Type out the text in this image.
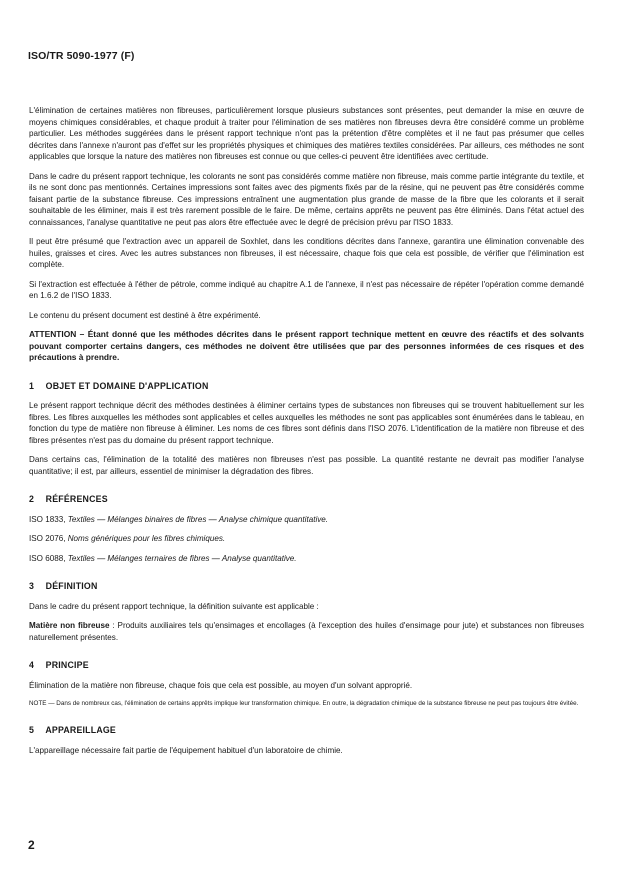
ISO/TR 5090-1977 (F)

L'élimination de certaines matières non fibreuses, particulièrement lorsque plusieurs substances sont présentes, peut demander la mise en œuvre de moyens chimiques considérables, et chaque produit à traiter pour l'élimination de ses matières non fibreuses devra être considéré comme un problème particulier. Les méthodes suggérées dans le présent rapport technique n'ont pas la prétention d'être complètes et il ne faut pas présumer que celles décrites dans l'annexe n'auront pas d'effet sur les propriétés physiques et chimiques des matières textiles considérées. Par ailleurs, ces méthodes ne sont applicables que lorsque la nature des matières non fibreuses est connue ou que celles-ci peuvent être identifiées avec certitude.

Dans le cadre du présent rapport technique, les colorants ne sont pas considérés comme matière non fibreuse, mais comme partie intégrante du textile, et ils ne sont donc pas mentionnés. Certaines impressions sont faites avec des pigments fixés par de la résine, qui ne peuvent pas être considérés comme faisant partie de la substance fibreuse. Ces impressions entraînent une augmentation plus grande de masse de la fibre que les colorants et il serait souhaitable de les éliminer, mais il est très rarement possible de le faire. De même, certains apprêts ne peuvent pas être éliminés. Dans l'état actuel des connaissances, l'analyse quantitative ne peut pas alors être effectuée avec le degré de précision prévu par l'ISO 1833.

Il peut être présumé que l'extraction avec un appareil de Soxhlet, dans les conditions décrites dans l'annexe, garantira une élimination convenable des huiles, graisses et cires. Avec les autres substances non fibreuses, il est nécessaire, chaque fois que cela est possible, de vérifier que l'élimination est complète.

Si l'extraction est effectuée à l'éther de pétrole, comme indiqué au chapitre A.1 de l'annexe, il n'est pas nécessaire de répéter l'opération comme demandé en 1.6.2 de l'ISO 1833.

Le contenu du présent document est destiné à être expérimenté.

ATTENTION – Étant donné que les méthodes décrites dans le présent rapport technique mettent en œuvre des réactifs et des solvants pouvant comporter certains dangers, ces méthodes ne doivent être utilisées que par des personnes informées de ces risques et des précautions à prendre.

1 OBJET ET DOMAINE D'APPLICATION

Le présent rapport technique décrit des méthodes destinées à éliminer certains types de substances non fibreuses qui se trouvent habituellement sur les fibres. Les fibres auxquelles les méthodes sont applicables et celles auxquelles les méthodes ne sont pas applicables sont énumérées dans le tableau, en fonction du type de matière non fibreuse à éliminer. Les noms de ces fibres sont définis dans l'ISO 2076. L'identification de la matière non fibreuse et des fibres présentes n'est pas du domaine du présent rapport technique.

Dans certains cas, l'élimination de la totalité des matières non fibreuses n'est pas possible. La quantité restante ne devrait pas modifier l'analyse quantitative; il est, par ailleurs, essentiel de minimiser la dégradation des fibres.

2 RÉFÉRENCES

ISO 1833, Textiles — Mélanges binaires de fibres — Analyse chimique quantitative.

ISO 2076, Noms génériques pour les fibres chimiques.

ISO 6088, Textiles — Mélanges ternaires de fibres — Analyse quantitative.

3 DÉFINITION

Dans le cadre du présent rapport technique, la définition suivante est applicable :

Matière non fibreuse : Produits auxiliaires tels qu'ensimages et encollages (à l'exception des huiles d'ensimage pour jute) et substances non fibreuses naturellement présentes.

4 PRINCIPE

Élimination de la matière non fibreuse, chaque fois que cela est possible, au moyen d'un solvant approprié.

NOTE — Dans de nombreux cas, l'élimination de certains apprêts implique leur transformation chimique. En outre, la dégradation chimique de la substance fibreuse ne peut pas toujours être évitée.

5 APPAREILLAGE

L'appareillage nécessaire fait partie de l'équipement habituel d'un laboratoire de chimie.

2
